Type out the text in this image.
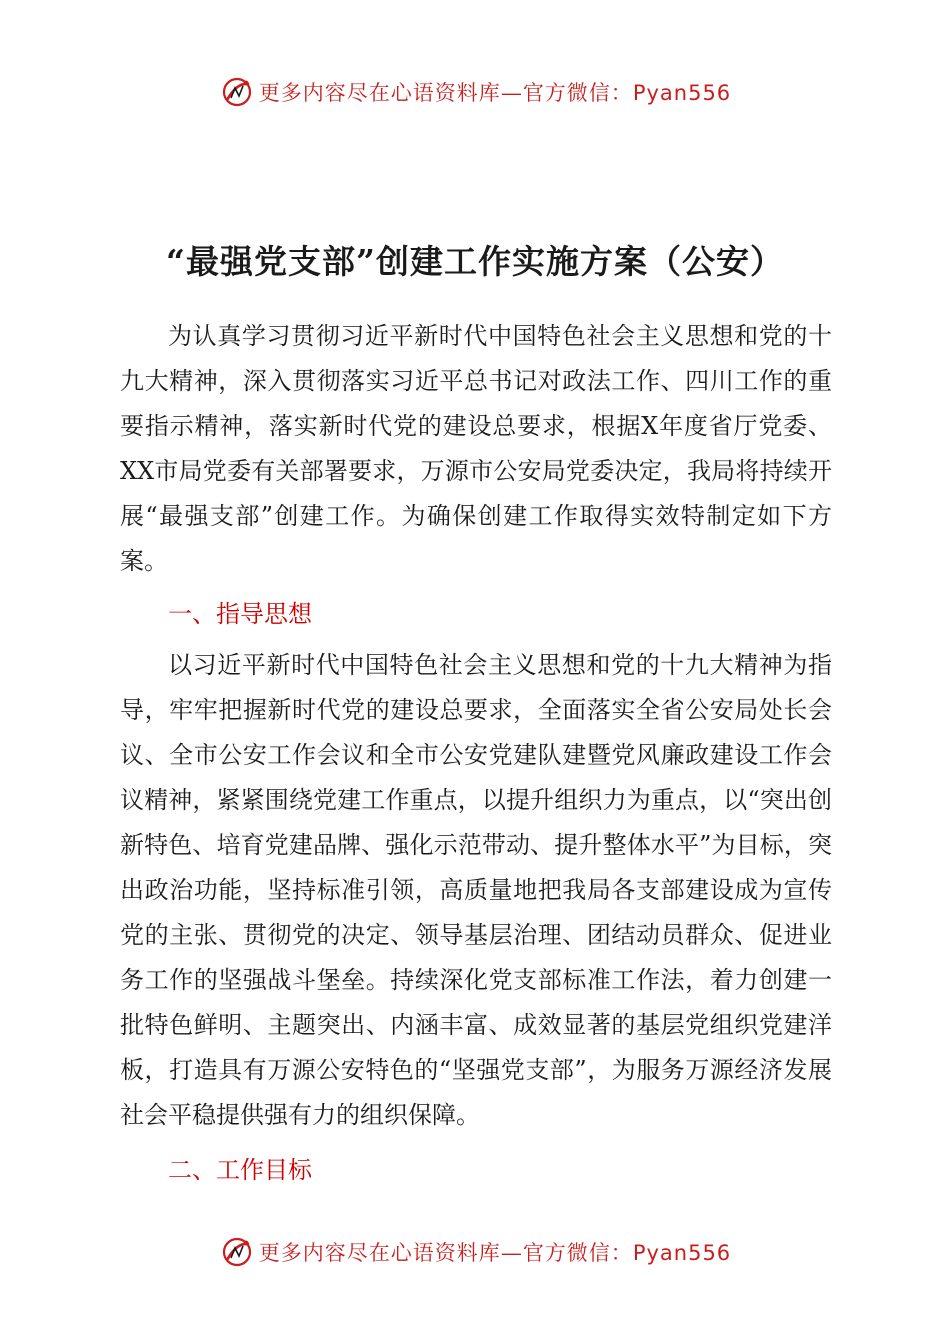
更多内容尽在心语资料库—官方微信：Pyan556
“最强党支部”创建工作实施方案（公安）

为认真学习贯彻习近平新时代中国特色社会主义思想和党的十九大精神，深入贯彻落实习近平总书记对政法工作、四川工作的重要指示精神，落实新时代党的建设总要求，根据X年度省厅党委、XX市局党委有关部署要求，万源市公安局党委决定，我局将持续开展“最强支部”创建工作。为确保创建工作取得实效特制定如下方案。

一、指导思想

以习近平新时代中国特色社会主义思想和党的十九大精神为指导，牢牢把握新时代党的建设总要求，全面落实全省公安局处长会议、全市公安工作会议和全市公安党建队建暨党风廉政建设工作会议精神，紧紧围绕党建工作重点，以提升组织力为重点，以“突出创新特色、培育党建品牌、强化示范带动、提升整体水平”为目标，突出政治功能，坚持标准引领，高质量地把我局各支部建设成为宣传党的主张、贯彻党的决定、领导基层治理、团结动员群众、促进业务工作的坚强战斗堡垒。持续深化党支部标准工作法，着力创建一批特色鲜明、主题突出、内涵丰富、成效显著的基层党组织党建洋板，打造具有万源公安特色的“坚强党支部”，为服务万源经济发展社会平稳提供强有力的组织保障。

二、工作目标
更多内容尽在心语资料库—官方微信：Pyan556
